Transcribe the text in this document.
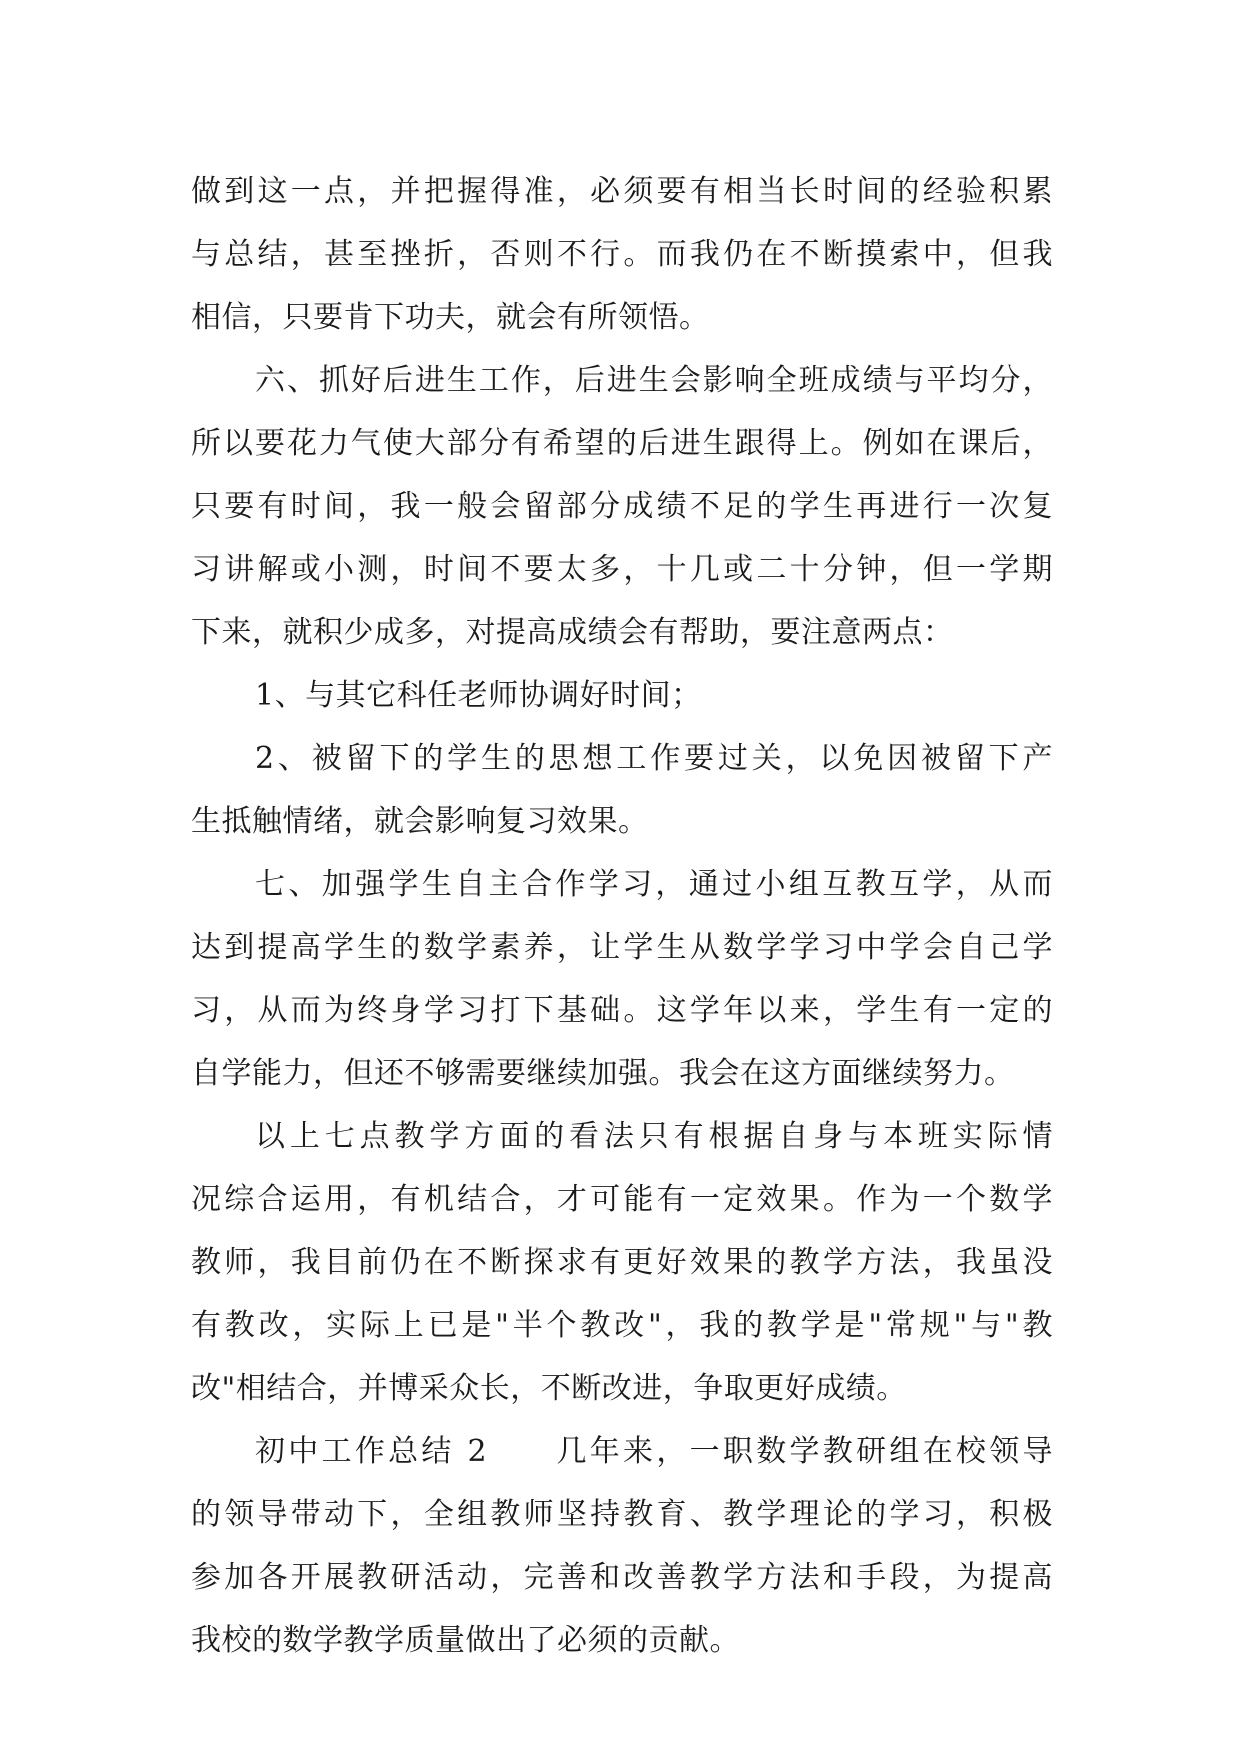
做到这一点，并把握得准，必须要有相当长时间的经验积累
与总结，甚至挫折，否则不行。而我仍在不断摸索中，但我
相信，只要肯下功夫，就会有所领悟。
六、抓好后进生工作，后进生会影响全班成绩与平均分，
所以要花力气使大部分有希望的后进生跟得上。例如在课后，
只要有时间，我一般会留部分成绩不足的学生再进行一次复
习讲解或小测，时间不要太多，十几或二十分钟，但一学期
下来，就积少成多，对提高成绩会有帮助，要注意两点：
1、与其它科任老师协调好时间；
2、被留下的学生的思想工作要过关，以免因被留下产
生抵触情绪，就会影响复习效果。
七、加强学生自主合作学习，通过小组互教互学，从而
达到提高学生的数学素养，让学生从数学学习中学会自己学
习，从而为终身学习打下基础。这学年以来，学生有一定的
自学能力，但还不够需要继续加强。我会在这方面继续努力。
以上七点教学方面的看法只有根据自身与本班实际情
况综合运用，有机结合，才可能有一定效果。作为一个数学
教师，我目前仍在不断探求有更好效果的教学方法，我虽没
有教改，实际上已是"半个教改"，我的教学是"常规"与"教
改"相结合，并博采众长，不断改进，争取更好成绩。
初中工作总结 2　　几年来，一职数学教研组在校领导
的领导带动下，全组教师坚持教育、教学理论的学习，积极
参加各开展教研活动，完善和改善教学方法和手段，为提高
我校的数学教学质量做出了必须的贡献。
